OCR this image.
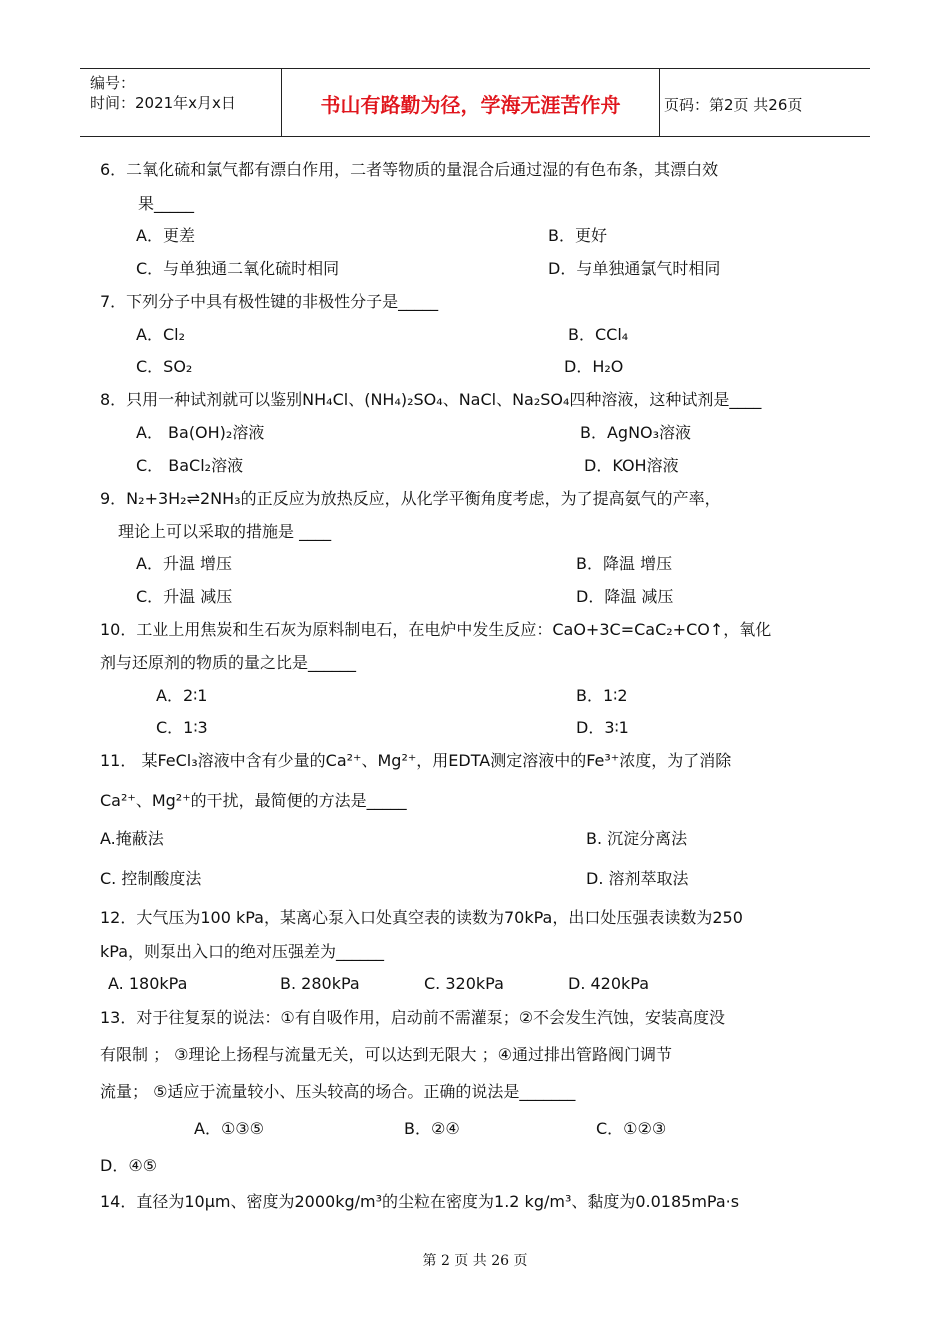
编号：
时间：2021年x月x日	书山有路勤为径，学海无涯苦作舟	页码：第2页 共26页
6．二氧化硫和氯气都有漂白作用，二者等物质的量混合后通过湿的有色布条，其漂白效
果_____
A．更差	B．更好
C．与单独通二氧化硫时相同	D．与单独通氯气时相同
7．下列分子中具有极性键的非极性分子是_____
A．Cl₂	B．CCl₄
C．SO₂	D．H₂O
8．只用一种试剂就可以鉴别NH₄Cl、(NH₄)₂SO₄、NaCl、Na₂SO₄四种溶液，这种试剂是____
A． Ba(OH)₂溶液	B．AgNO₃溶液
C． BaCl₂溶液	D．KOH溶液
9．N₂+3H₂⇌2NH₃的正反应为放热反应，从化学平衡角度考虑，为了提高氨气的产率，
理论上可以采取的措施是 ____
A．升温 增压	B．降温 增压
C．升温 减压	D．降温 减压
10．工业上用焦炭和生石灰为原料制电石，在电炉中发生反应：CaO+3C=CaC₂+CO↑，氧化
剂与还原剂的物质的量之比是______
A．2∶1	B．1∶2
C．1∶3	D．3∶1
11． 某FeCl₃溶液中含有少量的Ca²⁺、Mg²⁺，用EDTA测定溶液中的Fe³⁺浓度，为了消除
Ca²⁺、Mg²⁺的干扰，最简便的方法是_____
A.掩蔽法	B. 沉淀分离法
C. 控制酸度法	D. 溶剂萃取法
12．大气压为100 kPa，某离心泵入口处真空表的读数为70kPa，出口处压强表读数为250
kPa，则泵出入口的绝对压强差为______
A. 180kPa	B. 280kPa	C. 320kPa	D. 420kPa
13．对于往复泵的说法：①有自吸作用，启动前不需灌泵；②不会发生汽蚀，安装高度没
有限制 ； ③理论上扬程与流量无关，可以达到无限大 ；④通过排出管路阀门调节
流量； ⑤适应于流量较小、压头较高的场合。正确的说法是_______
A．①③⑤	B．②④	C．①②③
D．④⑤
14．直径为10μm、密度为2000kg/m³的尘粒在密度为1.2 kg/m³、黏度为0.0185mPa·s
第 2 页 共 26 页
